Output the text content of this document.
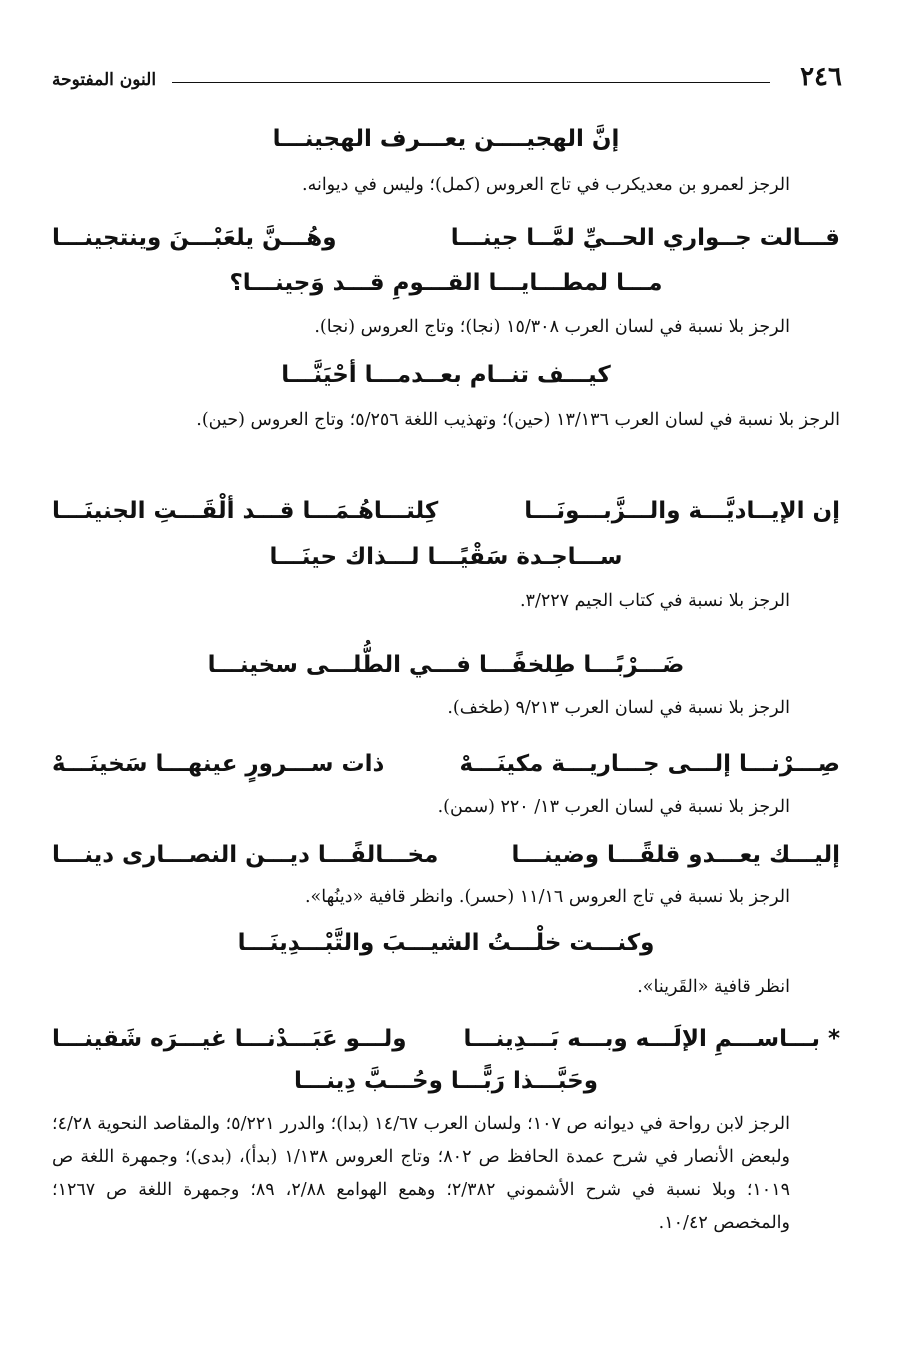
٢٤٦
النون المفتوحة
إنَّ الهجيــــن يعـــرف الهجينـــا
الرجز لعمرو بن معديكرب في تاج العروس (كمل)؛ وليس في ديوانه.
قـــالت جــواري الحــيِّ لمَّــا جينـــا
وهُـــنَّ يلعَبْـــنَ وينتجينـــا
مـــا لمطـــايـــا القـــومِ قـــد وَجينـــا؟
الرجز بلا نسبة في لسان العرب ١٥/٣٠٨ (نجا)؛ وتاج العروس (نجا).
كيـــف تنــام بعــدمـــا أحْيَنَّـــا
الرجز بلا نسبة في لسان العرب ١٣/١٣٦ (حين)؛ وتهذيب اللغة ٥/٢٥٦؛ وتاج العروس (حين).
إن الإيــاديَّـــة والـــزَّبـــونَـــا
كِلتـــاهُـمَـــا قـــد ألْقَـــتِ الجنينَـــا
ســـاجـدة سَقْيًـــا لـــذاك حينَـــا
الرجز بلا نسبة في كتاب الجيم ٣/٢٢٧.
ضَـــرْبًـــا طِلخفًـــا فـــي الطُّلـــى سخينـــا
الرجز بلا نسبة في لسان العرب ٩/٢١٣ (طخف).
صِـــرْنـــا إلـــى جـــاريـــة مكينَـــهْ
ذات ســـرورٍ عينهـــا سَخينَـــهْ
الرجز بلا نسبة في لسان العرب ١٣/ ٢٢٠ (سمن).
إليـــك يعـــدو قلقًـــا وضينـــا
مخـــالفًـــا ديـــن النصـــارى دينـــا
الرجز بلا نسبة في تاج العروس ١١/١٦ (حسر). وانظر قافية «دينُها».
وكنـــت خلْـــتُ الشيـــبَ والتَّبْـــدِينَـــا
انظر قافية «القَرينا».
* بـــاســـمِ الإلَـــه وبـــه بَـــدِينـــا
ولـــو عَبَـــدْنـــا غيـــرَه شَقينـــا
وحَبَّـــذا رَبًّـــا وحُـــبَّ دِينـــا
الرجز لابن رواحة في ديوانه ص ١٠٧؛ ولسان العرب ١٤/٦٧ (بدا)؛ والدرر ٥/٢٢١؛ والمقاصد النحوية ٤/٢٨؛ ولبعض الأنصار في شرح عمدة الحافظ ص ٨٠٢؛ وتاج العروس ١/١٣٨ (بدأ)، (بدى)؛ وجمهرة اللغة ص ١٠١٩؛ وبلا نسبة في شرح الأشموني ٢/٣٨٢؛ وهمع الهوامع ٢/٨٨، ٨٩؛ وجمهرة اللغة ص ١٢٦٧؛ والمخصص ١٠/٤٢.
